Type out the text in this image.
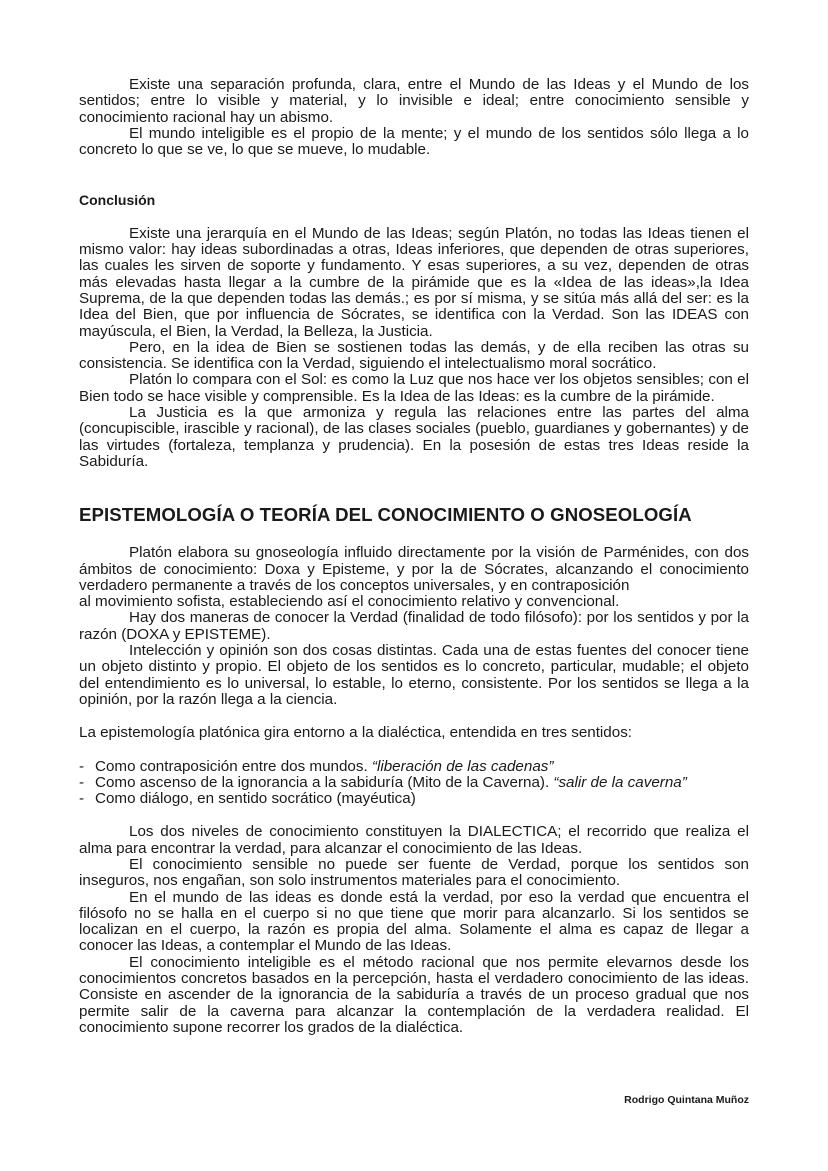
Existe una separación profunda, clara, entre el Mundo de las Ideas y el Mundo de los sentidos; entre lo visible y material, y lo invisible e ideal; entre conocimiento sensible y conocimiento racional hay un abismo.

El mundo inteligible es el propio de la mente; y el mundo de los sentidos sólo llega a lo concreto lo que se ve, lo que se mueve, lo mudable.

Conclusión

Existe una jerarquía en el Mundo de las Ideas; según Platón, no todas las Ideas tienen el mismo valor: hay ideas subordinadas a otras, Ideas inferiores, que dependen de otras superiores, las cuales les sirven de soporte y fundamento. Y esas superiores, a su vez, dependen de otras más elevadas hasta llegar a la cumbre de la pirámide que es la «Idea de las ideas»,la Idea Suprema, de la que dependen todas las demás.; es por sí misma, y se sitúa más allá del ser: es la Idea del Bien, que por influencia de Sócrates, se identifica con la Verdad. Son las IDEAS con mayúscula, el Bien, la Verdad, la Belleza, la Justicia.

Pero, en la idea de Bien se sostienen todas las demás, y de ella reciben las otras su consistencia. Se identifica con la Verdad, siguiendo el intelectualismo moral socrático.

Platón lo compara con el Sol: es como la Luz que nos hace ver los objetos sensibles; con el Bien todo se hace visible y comprensible. Es la Idea de las Ideas: es la cumbre de la pirámide.

La Justicia es la que armoniza y regula las relaciones entre las partes del alma (concupiscible, irascible y racional), de las clases sociales (pueblo, guardianes y gobernantes) y de las virtudes (fortaleza, templanza y prudencia). En la posesión de estas tres Ideas reside la Sabiduría.

EPISTEMOLOGÍA O TEORÍA DEL CONOCIMIENTO O GNOSEOLOGÍA

Platón elabora su gnoseología influido directamente por la visión de Parménides, con dos ámbitos de conocimiento: Doxa y Episteme, y por la de Sócrates, alcanzando el conocimiento verdadero permanente a través de los conceptos universales, y en contraposición

al movimiento sofista, estableciendo así el conocimiento relativo y convencional.

Hay dos maneras de conocer la Verdad (finalidad de todo filósofo): por los sentidos y por la razón (DOXA y EPISTEME).

Intelección y opinión son dos cosas distintas. Cada una de estas fuentes del conocer tiene un objeto distinto y propio. El objeto de los sentidos es lo concreto, particular, mudable; el objeto del entendimiento es lo universal, lo estable, lo eterno, consistente. Por los sentidos se llega a la opinión, por la razón llega a la ciencia.

La epistemología platónica gira entorno a la dialéctica, entendida en tres sentidos:

- Como contraposición entre dos mundos. “liberación de las cadenas”
- Como ascenso de la ignorancia a la sabiduría (Mito de la Caverna). “salir de la caverna”
- Como diálogo, en sentido socrático (mayéutica)

Los dos niveles de conocimiento constituyen la DIALECTICA; el recorrido que realiza el alma para encontrar la verdad, para alcanzar el conocimiento de las Ideas.

El conocimiento sensible no puede ser fuente de Verdad, porque los sentidos son inseguros, nos engañan, son solo instrumentos materiales para el conocimiento.

En el mundo de las ideas es donde está la verdad, por eso la verdad que encuentra el filósofo no se halla en el cuerpo si no que tiene que morir para alcanzarlo. Si los sentidos se localizan en el cuerpo, la razón es propia del alma. Solamente el alma es capaz de llegar a conocer las Ideas, a contemplar el Mundo de las Ideas.

El conocimiento inteligible es el método racional que nos permite elevarnos desde los conocimientos concretos basados en la percepción, hasta el verdadero conocimiento de las ideas. Consiste en ascender de la ignorancia de la sabiduría a través de un proceso gradual que nos permite salir de la caverna para alcanzar la contemplación de la verdadera realidad. El conocimiento supone recorrer los grados de la dialéctica.

Rodrigo Quintana Muñoz
